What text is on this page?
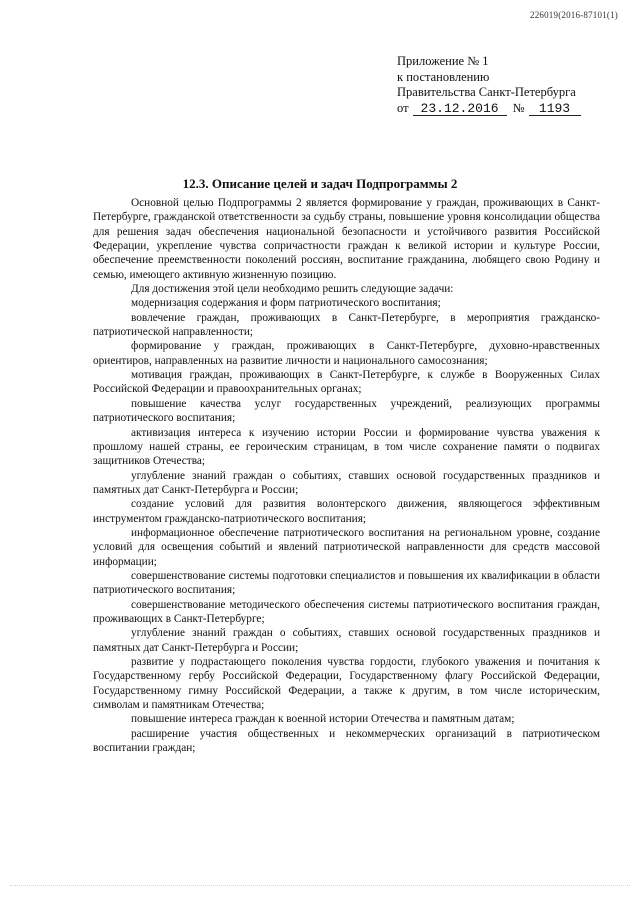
226019(2016-87101(1)
Приложение № 1
к постановлению
Правительства Санкт-Петербурга
от 23.12.2016	№	1193
12.3. Описание целей и задач Подпрограммы 2

Основной целью Подпрограммы 2 является формирование у граждан, проживающих в Санкт-Петербурге, гражданской ответственности за судьбу страны, повышение уровня консолидации общества для решения задач обеспечения национальной безопасности и устойчивого развития Российской Федерации, укрепление чувства сопричастности граждан к великой истории и культуре России, обеспечение преемственности поколений россиян, воспитание гражданина, любящего свою Родину и семью, имеющего активную жизненную позицию.

Для достижения этой цели необходимо решить следующие задачи:

модернизация содержания и форм патриотического воспитания;

вовлечение граждан, проживающих в Санкт-Петербурге, в мероприятия гражданско-патриотической направленности;

формирование у граждан, проживающих в Санкт-Петербурге, духовно-нравственных ориентиров, направленных на развитие личности и национального самосознания;

мотивация граждан, проживающих в Санкт-Петербурге, к службе в Вооруженных Силах Российской Федерации и правоохранительных органах;

повышение качества услуг государственных учреждений, реализующих программы патриотического воспитания;

активизация интереса к изучению истории России и формирование чувства уважения к прошлому нашей страны, ее героическим страницам, в том числе сохранение памяти о подвигах защитников Отечества;

углубление знаний граждан о событиях, ставших основой государственных праздников и памятных дат Санкт-Петербурга и России;

создание условий для развития волонтерского движения, являющегося эффективным инструментом гражданско-патриотического воспитания;

информационное обеспечение патриотического воспитания на региональном уровне, создание условий для освещения событий и явлений патриотической направленности для средств массовой информации;

совершенствование системы подготовки специалистов и повышения их квалификации в области патриотического воспитания;

совершенствование методического обеспечения системы патриотического воспитания граждан, проживающих в Санкт-Петербурге;

углубление знаний граждан о событиях, ставших основой государственных праздников и памятных дат Санкт-Петербурга и России;

развитие у подрастающего поколения чувства гордости, глубокого уважения и почитания к Государственному гербу Российской Федерации, Государственному флагу Российской Федерации, Государственному гимну Российской Федерации, а также к другим, в том числе историческим, символам и памятникам Отечества;

повышение интереса граждан к военной истории Отечества и памятным датам;

расширение участия общественных и некоммерческих организаций в патриотическом воспитании граждан;
